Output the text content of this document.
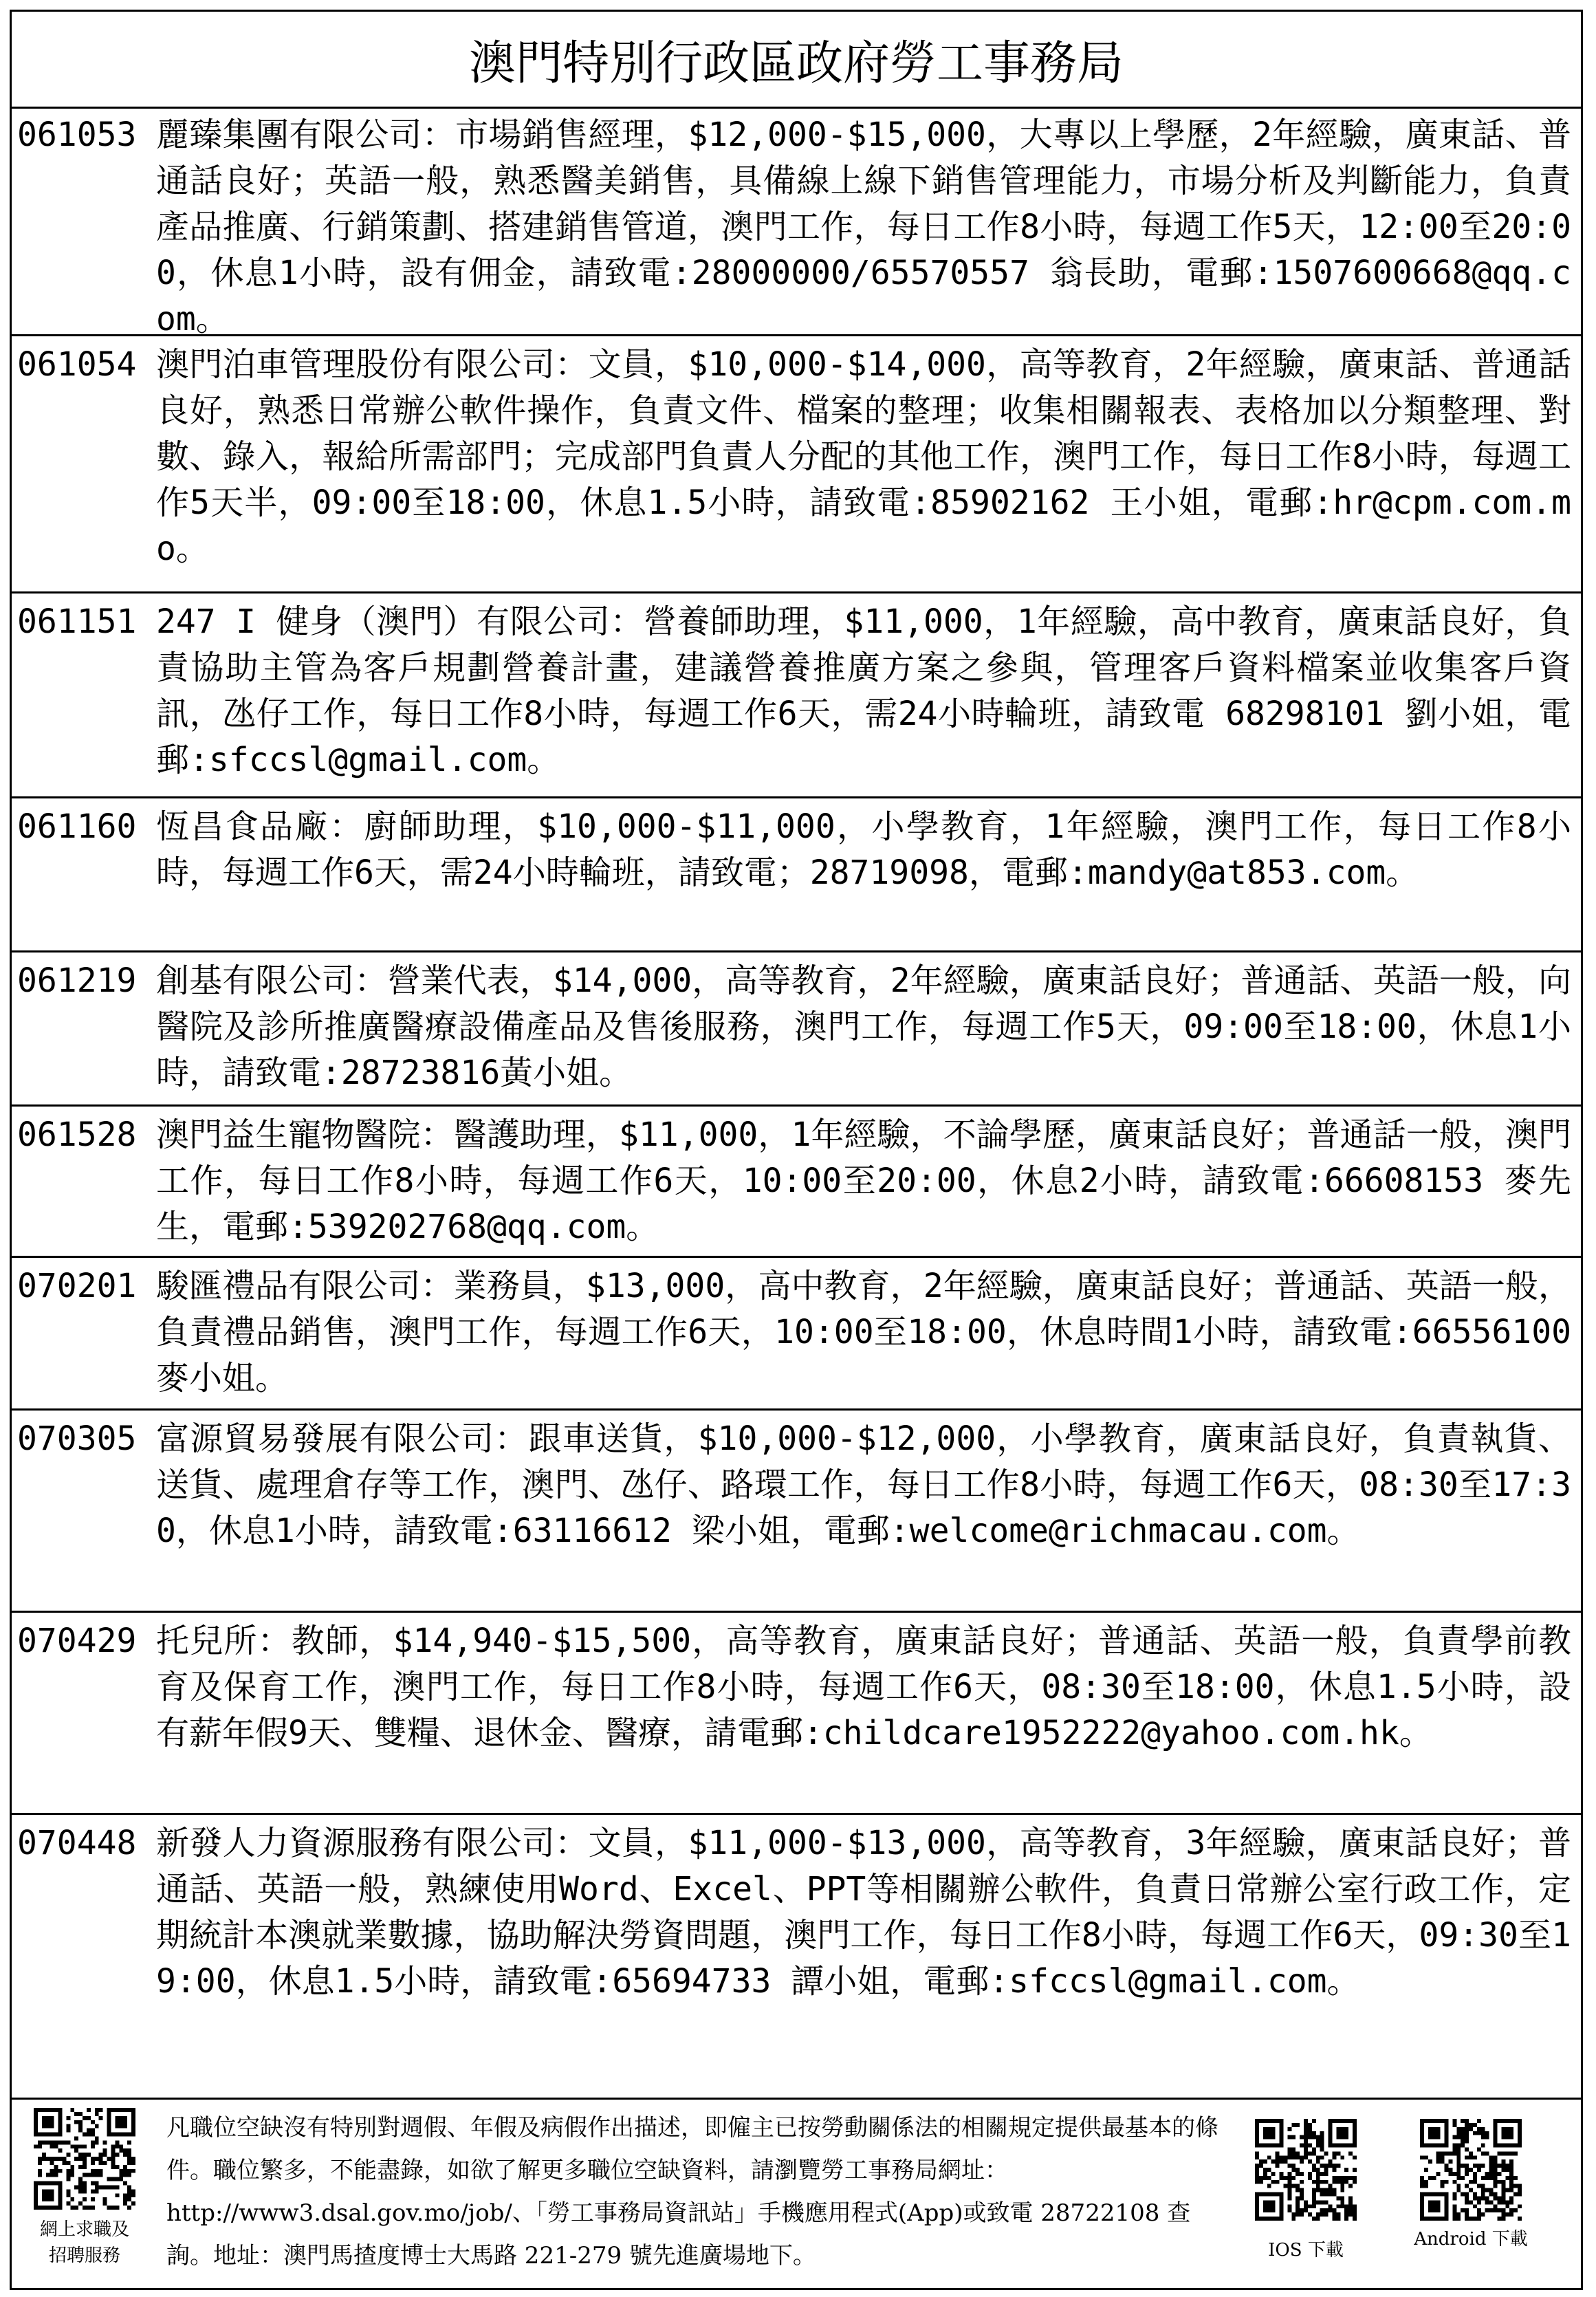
澳門特別行政區政府勞工事務局
061053 麗臻集團有限公司：市場銷售經理，$12,000-$15,000，大專以上學歷，2年經驗，廣東話、普通話良好；英語一般，熟悉醫美銷售，具備線上線下銷售管理能力，市場分析及判斷能力，負責產品推廣、行銷策劃、搭建銷售管道，澳門工作，每日工作8小時，每週工作5天，12:00至20:00，休息1小時，設有佣金，請致電:28000000/65570557 翁長助，電郵:1507600668@qq.com。
061054 澳門泊車管理股份有限公司：文員，$10,000-$14,000，高等教育，2年經驗，廣東話、普通話良好，熟悉日常辦公軟件操作，負責文件、檔案的整理；收集相關報表、表格加以分類整理、對數、錄入，報給所需部門；完成部門負責人分配的其他工作，澳門工作，每日工作8小時，每週工作5天半，09:00至18:00，休息1.5小時，請致電:85902162 王小姐，電郵:hr@cpm.com.mo。
061151 247 I 健身（澳門）有限公司：營養師助理，$11,000，1年經驗，高中教育，廣東話良好，負責協助主管為客戶規劃營養計畫，建議營養推廣方案之參與，管理客戶資料檔案並收集客戶資訊，氹仔工作，每日工作8小時，每週工作6天，需24小時輪班，請致電 68298101 劉小姐，電郵:sfccsl@gmail.com。
061160 恆昌食品廠：廚師助理，$10,000-$11,000，小學教育，1年經驗，澳門工作，每日工作8小時，每週工作6天，需24小時輪班，請致電；28719098，電郵:mandy@at853.com。
061219 創基有限公司：營業代表，$14,000，高等教育，2年經驗，廣東話良好；普通話、英語一般，向醫院及診所推廣醫療設備產品及售後服務，澳門工作，每週工作5天，09:00至18:00，休息1小時，請致電:28723816黃小姐。
061528 澳門益生寵物醫院：醫護助理，$11,000，1年經驗，不論學歷，廣東話良好；普通話一般，澳門工作，每日工作8小時，每週工作6天，10:00至20:00，休息2小時，請致電:66608153 麥先生，電郵:539202768@qq.com。
070201 駿匯禮品有限公司：業務員，$13,000，高中教育，2年經驗，廣東話良好；普通話、英語一般，負責禮品銷售，澳門工作，每週工作6天，10:00至18:00，休息時間1小時，請致電:66556100 麥小姐。
070305 富源貿易發展有限公司：跟車送貨，$10,000-$12,000，小學教育，廣東話良好，負責執貨、送貨、處理倉存等工作，澳門、氹仔、路環工作，每日工作8小時，每週工作6天，08:30至17:30，休息1小時，請致電:63116612 梁小姐，電郵:welcome@richmacau.com。
070429 托兒所：教師，$14,940-$15,500，高等教育，廣東話良好；普通話、英語一般，負責學前教育及保育工作，澳門工作，每日工作8小時，每週工作6天，08:30至18:00，休息1.5小時，設有薪年假9天、雙糧、退休金、醫療，請電郵:childcare1952222@yahoo.com.hk。
070448 新發人力資源服務有限公司：文員，$11,000-$13,000，高等教育，3年經驗，廣東話良好；普通話、英語一般，熟練使用Word、Excel、PPT等相關辦公軟件，負責日常辦公室行政工作，定期統計本澳就業數據，協助解決勞資問題，澳門工作，每日工作8小時，每週工作6天，09:30至19:00，休息1.5小時，請致電:65694733 譚小姐，電郵:sfccsl@gmail.com。
網上求職及
招聘服務
凡職位空缺沒有特別對週假、年假及病假作出描述，即僱主已按勞動關係法的相關規定提供最基本的條件。職位繁多，不能盡錄，如欲了解更多職位空缺資料，請瀏覽勞工事務局網址：http://www3.dsal.gov.mo/job/、「勞工事務局資訊站」手機應用程式(App)或致電 28722108 查詢。地址：澳門馬揸度博士大馬路 221-279 號先進廣場地下。	IOS 下載
Android 下載
